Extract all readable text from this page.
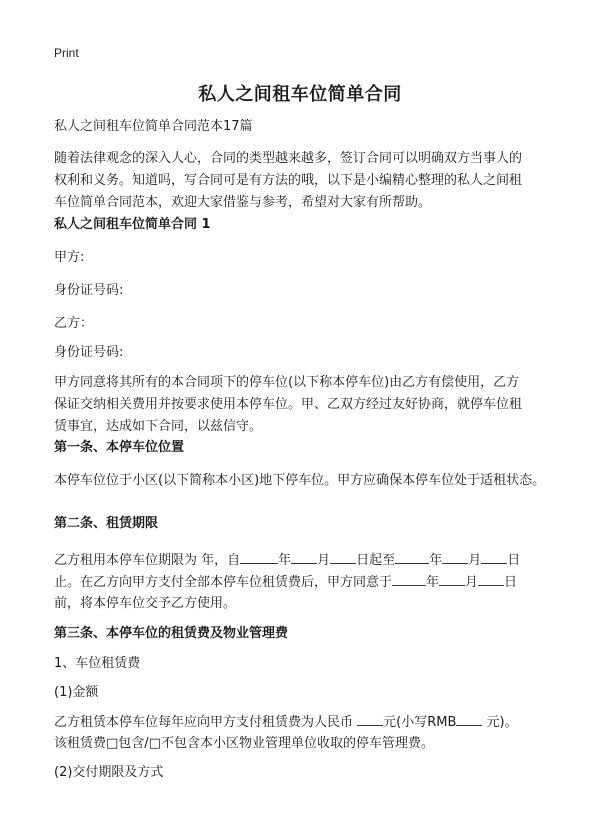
Print
私人之间租车位简单合同
私人之间租车位简单合同范本17篇
随着法律观念的深入人心，合同的类型越来越多，签订合同可以明确双方当事人的
权利和义务。知道吗，写合同可是有方法的哦，以下是小编精心整理的私人之间租
车位简单合同范本，欢迎大家借鉴与参考，希望对大家有所帮助。
私人之间租车位简单合同 1
甲方:
身份证号码:
乙方：
身份证号码:
甲方同意将其所有的本合同项下的停车位(以下称本停车位)由乙方有偿使用，乙方
保证交纳相关费用并按要求使用本停车位。甲、乙双方经过友好协商，就停车位租
赁事宜，达成如下合同，以兹信守。
第一条、本停车位位置
本停车位位于小区(以下简称本小区)地下停车位。甲方应确保本停车位处于适租状态。
第二条、租赁期限
乙方租用本停车位期限为 年，自	年 月 日起至	年 月 日
止。在乙方向甲方支付全部本停车位租赁费后，甲方同意于	年 月 日
前，将本停车位交予乙方使用。
第三条、本停车位的租赁费及物业管理费
1、车位租赁费
(1)金额
乙方租赁本停车位每年应向甲方支付租赁费为人民币 元(小写RMB 元)。
该租赁费□包含/□不包含本小区物业管理单位收取的停车管理费。
(2)交付期限及方式
